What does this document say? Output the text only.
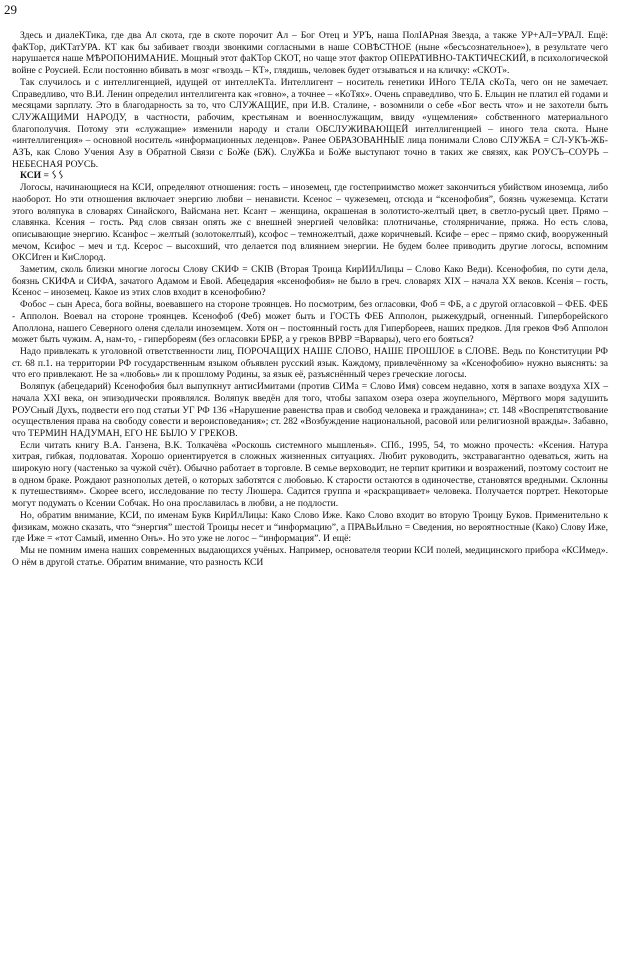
29

Здесь и диалеКТика, где два Ал скота, где в скоте порочит Ал – Бог Отец и УРЪ, наша ПолIАРная Звезда, а также УР+АЛ=УРАЛ. Ещё: фаКТор, диКТатУРА. КТ как бы забивает гвозди звонкими согласными в наше СОВѢСТНОЕ (ныне «бесъсознательное»), в результате чего нарушается наше МѢРОПОНИМАНИЕ. Мощный этот фаКТор СКОТ, но чаще этот фактор ОПЕРАТИВНО-ТАКТИЧЕСКИЙ, в психологической войне с Роусией. Если постоянно вбивать в мозг «гвоздь – КТ», глядишь, человек будет отзываться и на кличку: «СКОТ».

Так случилось и с интеллигенцией, идущей от интеллеКТа. Интеллигент – носитель генетики ИНого ТЕЛА сКоТа, чего он не замечает. Справедливо, что В.И. Ленин определил интеллигента как «говно», а точнее – «КоТях». Очень справедливо, что Б. Ельцин не платил ей годами и месяцами зарплату. Это в благодарность за то, что СЛУЖАЩИЕ, при И.В. Сталине, - возомнили о себе «Бог весть что» и не захотели быть СЛУЖАЩИМИ НАРОДУ, в частности, рабочим, крестьянам и военнослужащим, ввиду «ущемления» собственного материального благополучия. Потому эти «служащие» изменили народу и стали ОБСЛУЖИВАЮЩЕЙ интеллигенцией – иного тела скота. Ныне «интеллигенция» – основной носитель «информационных леденцов». Ранее ОБРАЗОВАННЫЕ лица понимали Слово СЛУЖБА = СЛ-УКЪ-ЖБ-АЗЪ, как Слово Учения Азу в Обратной Связи с БоЖе (БЖ). СлуЖБа и БоЖе выступают точно в таких же связях, как РОУСЪ–СОУРЬ – НЕБЕСНАЯ РОУСЬ.

КСИ = ᛊᛊ

Логосы, начинающиеся на КСИ, определяют отношения: гость – иноземец, где гостеприимство может закончиться убийством иноземца, либо наоборот. Но эти отношения включает энергию любви – ненависти. Ксенос – чужеземец, отсюда и “ксенофобия”, боязнь чужеземца. Кстати этого воляпука в словарях Синайского, Вайсмана нет. Ксант – женщина, окрашеная в золотисто-желтый цвет, в светло-русый цвет. Прямо – славянка. Ксения – гость. Ряд слов связан опять же с внешней энергией человйка: плотничанье, столярничание, пряжа. Но есть слова, описывающие энергию. Ксанфос – желтый (золотокелтый), ксофос – темножелтый, даже коричневый. Ксифе – ерес – прямо скиф, вооруженный мечом, Ксифос – меч и т.д. Ксерос – высохший, что делается под влиянием энергии. Не будем более приводить другие логосы, вспомним ОКСИген и КиСлород.

Заметим, сколь близки многие логосы Слову СКИФ = СКIВ (Вторая Троица КирИИлЛицы – Слово Како Веди). Ксенофобия, по сути дела, боязнь СКИФА и СИФА, зачатого Адамом и Евой. Абецедария «ксенофобия» не было в греч. словарях XIX – начала XX веков. Ксенія – гость, Ксенос – иноземец. Какое из этих слов входит в ксенофобию?

Фобос – сын Ареса, бога войны, воевавшего на стороне троянцев. Но посмотрим, без огласовки, Фоб = ФБ, а с другой огласовкой – ФЕБ. ФЕБ - Апполон. Воевал на стороне троянцев. Ксенофоб (Феб) может быть и ГОСТЬ ФЕБ Апполон, рыжекудрый, огненный. Гиперборейского Аполлона, нашего Северного оленя сделали иноземцем. Хотя он – постоянный гость для Гипербореев, наших предков. Для греков Фэб Апполон может быть чужим. А, нам-то, - гипербореям (без огласовки БРБР, а у греков ВРВР =Варвары), чего его бояться?

Надо привлекать к уголовной ответственности лиц, ПОРОЧАЩИХ НАШЕ СЛОВО, НАШЕ ПРОШЛОЕ в СЛОВЕ. Ведь по Конституции РФ ст. 68 п.1. на территории РФ государственным языком объявлен русский язык. Каждому, привлечённому за «Ксенофобию» нужно выяснять: за что его привлекают. Не за «любовь» ли к прошлому Родины, за язык её, разъяснённый через греческие логосы.

Воляпук (абецедарий) Ксенофобия был выпупкнут антисИмитами (против СИМа = Слово Имя) совсем недавно, хотя в запахе воздуха XIX – начала XXI века, он эпизодически проявлялся. Воляпук введён для того, чтобы запахом озера озера жоупельного, Мёртвого моря задушить РОУСный Духъ, подвести его под статьи УГ РФ 136 «Нарушение равенства прав и свобод человека и гражданина»; ст. 148 «Воспрепятствование осуществления права на свободу совести и вероисповедания»; ст. 282 «Возбуждение национальной, расовой или религиозной вражды». Забавно, что ТЕРМИН НАДУМАН, ЕГО НЕ БЫЛО У ГРЕКОВ.

Если читать книгу В.А. Ганзена, В.К. Толкачёва «Роскошь системного мышленья». СПб., 1995, 54, то можно прочесть: «Ксения. Натура хитрая, гибкая, подловатая. Хорошо ориентируется в сложных жизненных ситуациях. Любит руководить, экстравагантно одеваться, жить на широкую ногу (частенько за чужой счёт). Обычно работает в торговле. В семье верховодит, не терпит критики и возражений, поэтому состоит не в одном браке. Рождают разнополых детей, о которых заботятся с любовью. К старости остаются в одиночестве, становятся вредными. Склонны к путешествиям». Скорее всего, исследование по тесту Люшера. Садится группа и «раскращивает» человека. Получается портрет. Некоторые могут подумать о Ксении Собчак. Но она прославилась в любви, а не подлости.

Но, обратим внимание, КСИ, по именам Букв КирИлЛицы: Како Слово Иже. Како Слово входит во вторую Троицу Буков. Применительно к физикам, можно сказать, что “энергия” шестой Троицы несет и “информацию”, а ПРАВьИльно = Сведения, но вероятностные (Како) Слову Иже, где Иже = «тот Самый, именно Онъ». Но это уже не логос – “информация”. И ещё:

Мы не помним имена наших современных выдающихся учёных. Например, основателя теории КСИ полей, медицинского прибора «КСИмед». О нём в другой статье. Обратим внимание, что разность КСИ
